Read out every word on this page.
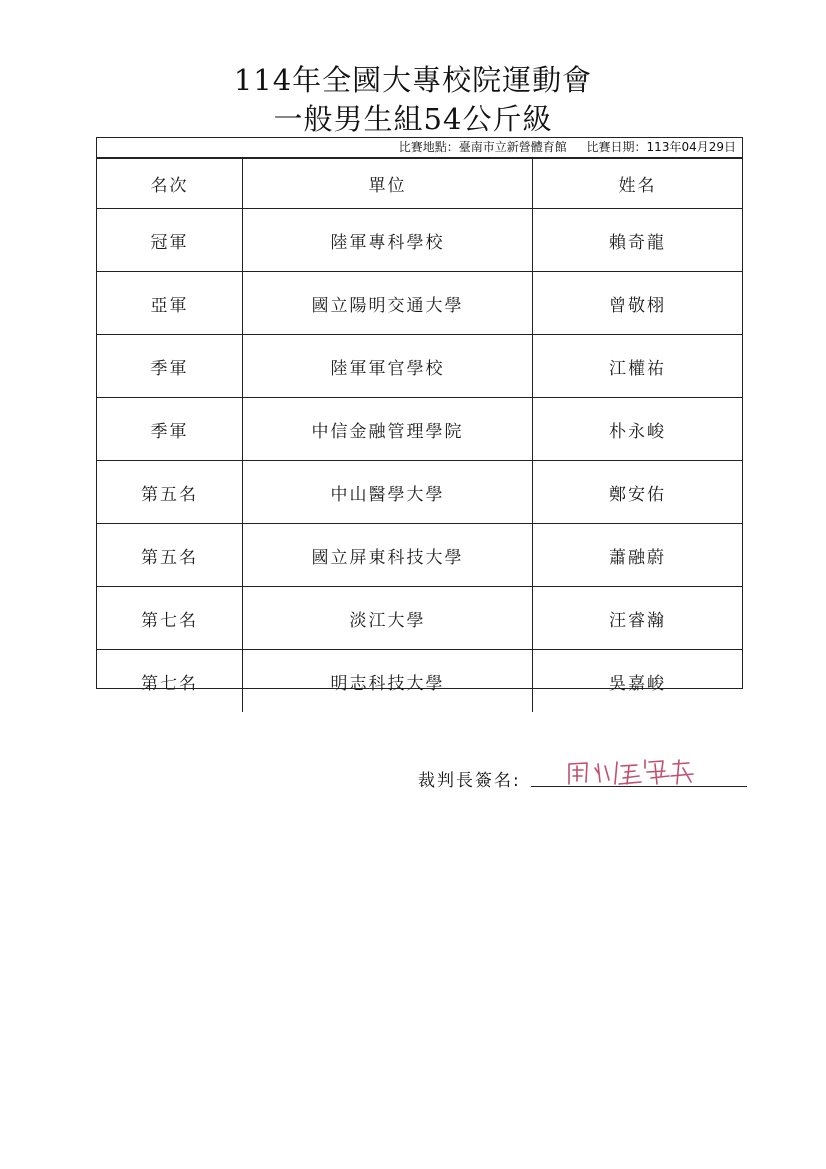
114年全國大專校院運動會
一般男生組54公斤級
比賽地點：臺南市立新營體育館 比賽日期：113年04月29日
名次	單位	姓名
冠軍	陸軍專科學校	賴奇龍
亞軍	國立陽明交通大學	曾敬栩
季軍	陸軍軍官學校	江權祐
季軍	中信金融管理學院	朴永峻
第五名	中山醫學大學	鄭安佑
第五名	國立屏東科技大學	蕭融蔚
第七名	淡江大學	汪睿瀚
第七名	明志科技大學	吳嘉峻
裁判長簽名:
